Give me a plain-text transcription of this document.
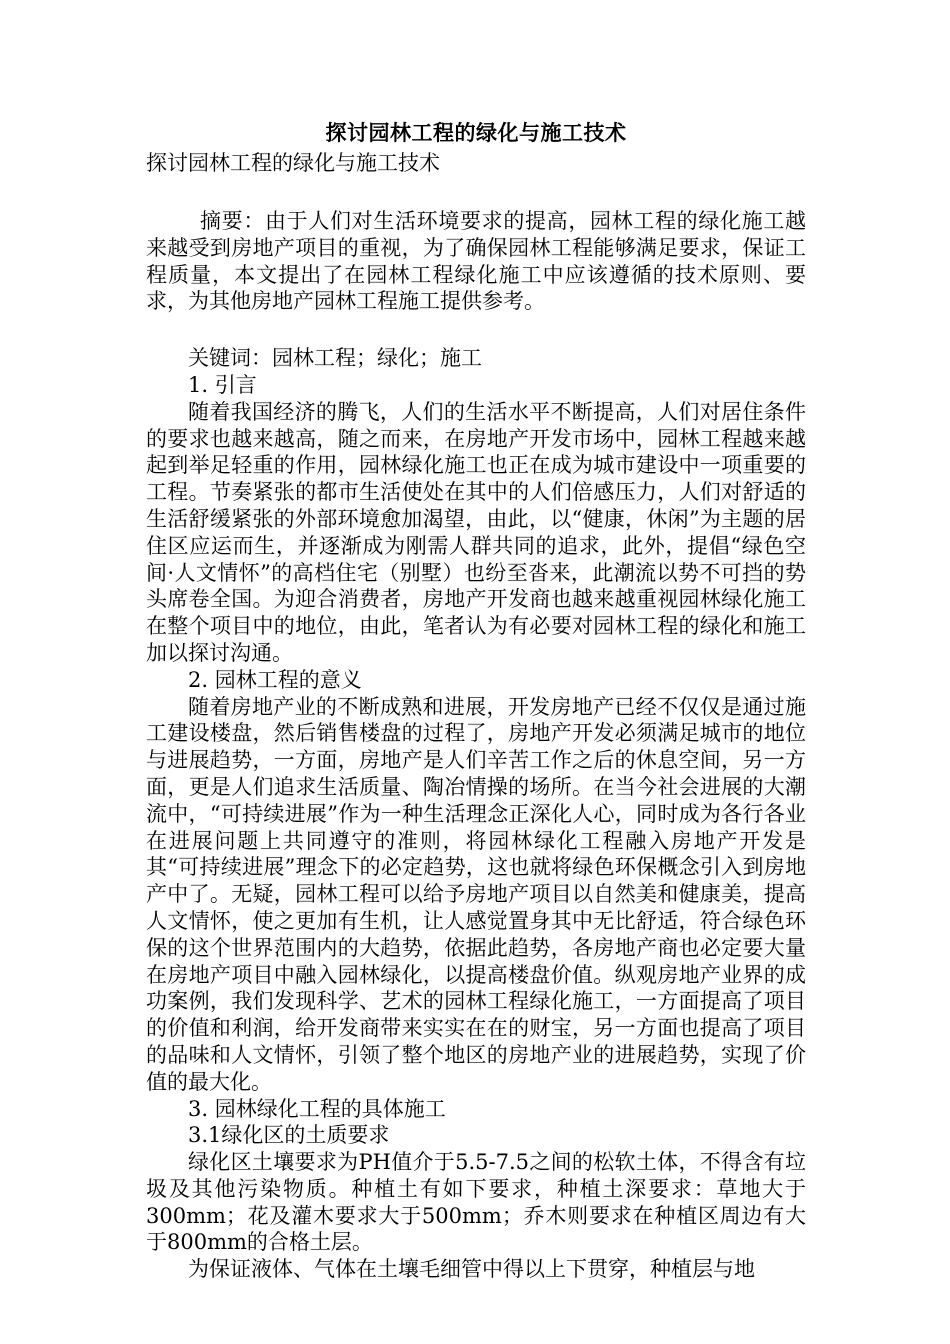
探讨园林工程的绿化与施工技术
探讨园林工程的绿化与施工技术

摘要：由于人们对生活环境要求的提高，园林工程的绿化施工越来越受到房地产项目的重视，为了确保园林工程能够满足要求，保证工程质量，本文提出了在园林工程绿化施工中应该遵循的技术原则、要求，为其他房地产园林工程施工提供参考。

关键词：园林工程；绿化；施工

1. 引言

随着我国经济的腾飞，人们的生活水平不断提高，人们对居住条件的要求也越来越高，随之而来，在房地产开发市场中，园林工程越来越起到举足轻重的作用，园林绿化施工也正在成为城市建设中一项重要的工程。节奏紧张的都市生活使处在其中的人们倍感压力，人们对舒适的生活舒缓紧张的外部环境愈加渴望，由此，以“健康，休闲”为主题的居住区应运而生，并逐渐成为刚需人群共同的追求，此外，提倡“绿色空间·人文情怀”的高档住宅（别墅）也纷至沓来，此潮流以势不可挡的势头席卷全国。为迎合消费者，房地产开发商也越来越重视园林绿化施工在整个项目中的地位，由此，笔者认为有必要对园林工程的绿化和施工加以探讨沟通。

2. 园林工程的意义

随着房地产业的不断成熟和进展，开发房地产已经不仅仅是通过施工建设楼盘，然后销售楼盘的过程了，房地产开发必须满足城市的地位与进展趋势，一方面，房地产是人们辛苦工作之后的休息空间，另一方面，更是人们追求生活质量、陶冶情操的场所。在当今社会进展的大潮流中，“可持续进展”作为一种生活理念正深化人心，同时成为各行各业在进展问题上共同遵守的准则，将园林绿化工程融入房地产开发是其“可持续进展”理念下的必定趋势，这也就将绿色环保概念引入到房地产中了。无疑，园林工程可以给予房地产项目以自然美和健康美，提高人文情怀，使之更加有生机，让人感觉置身其中无比舒适，符合绿色环保的这个世界范围内的大趋势，依据此趋势，各房地产商也必定要大量在房地产项目中融入园林绿化，以提高楼盘价值。纵观房地产业界的成功案例，我们发现科学、艺术的园林工程绿化施工，一方面提高了项目的价值和利润，给开发商带来实实在在的财宝，另一方面也提高了项目的品味和人文情怀，引领了整个地区的房地产业的进展趋势，实现了价值的最大化。

3. 园林绿化工程的具体施工

3.1绿化区的土质要求

绿化区土壤要求为PH值介于5.5-7.5之间的松软土体，不得含有垃圾及其他污染物质。种植土有如下要求，种植土深要求：草地大于300mm；花及灌木要求大于500mm；乔木则要求在种植区周边有大于800mm的合格土层。

为保证液体、气体在土壤毛细管中得以上下贯穿，种植层与地
